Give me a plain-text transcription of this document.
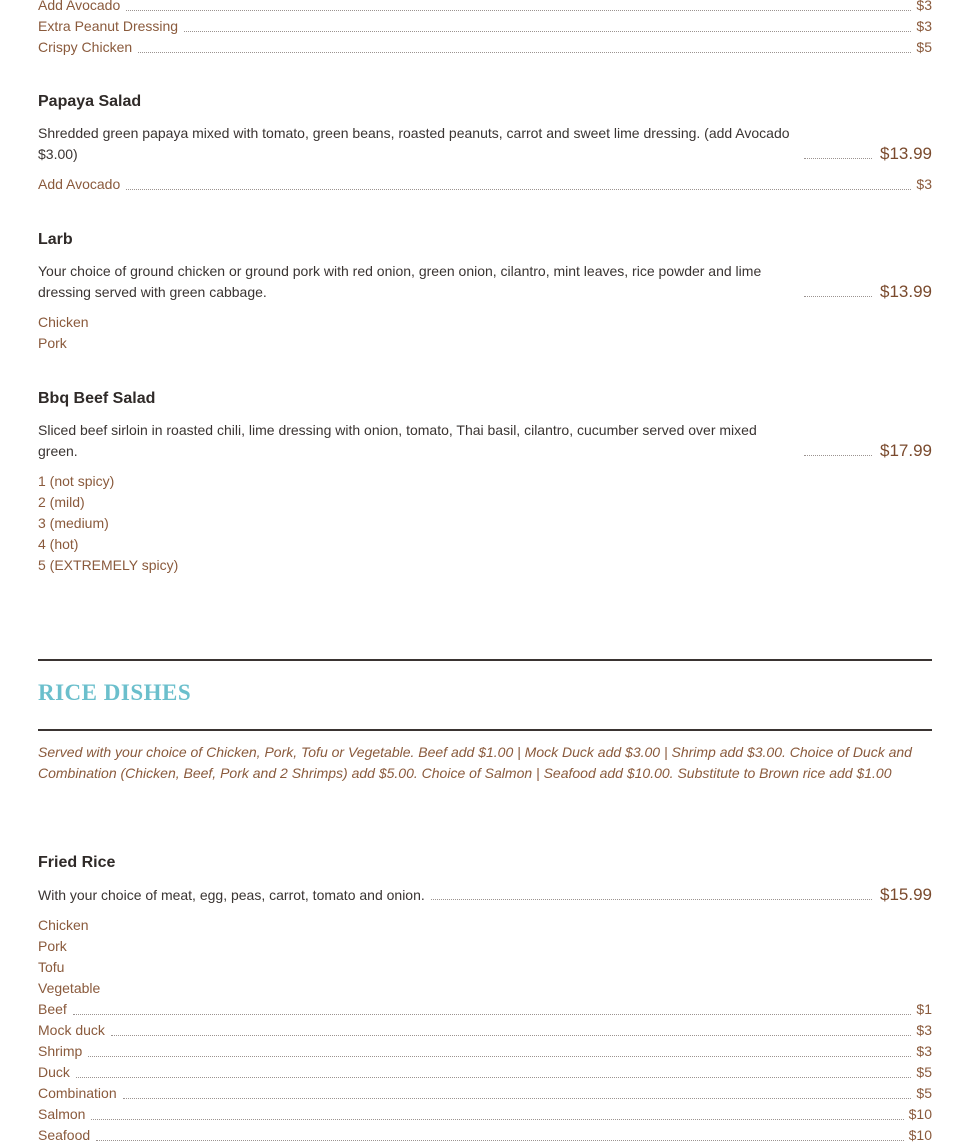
Add Avocado	$3
Extra Peanut Dressing	$3
Crispy Chicken	$5
Papaya Salad
Shredded green papaya mixed with tomato, green beans, roasted peanuts, carrot and sweet lime dressing. (add Avocado $3.00)	$13.99
Add Avocado	$3
Larb
Your choice of ground chicken or ground pork with red onion, green onion, cilantro, mint leaves, rice powder and lime dressing served with green cabbage.	$13.99
Chicken
Pork
Bbq Beef Salad
Sliced beef sirloin in roasted chili, lime dressing with onion, tomato, Thai basil, cilantro, cucumber served over mixed green.	$17.99
1 (not spicy)
2 (mild)
3 (medium)
4 (hot)
5 (EXTREMELY spicy)
RICE DISHES
Served with your choice of Chicken, Pork, Tofu or Vegetable. Beef add $1.00 | Mock Duck add $3.00 | Shrimp add $3.00. Choice of Duck and Combination (Chicken, Beef, Pork and 2 Shrimps) add $5.00. Choice of Salmon | Seafood add $10.00. Substitute to Brown rice add $1.00
Fried Rice
With your choice of meat, egg, peas, carrot, tomato and onion.	$15.99
Chicken
Pork
Tofu
Vegetable
Beef	$1
Mock duck	$3
Shrimp	$3
Duck	$5
Combination	$5
Salmon	$10
Seafood	$10
